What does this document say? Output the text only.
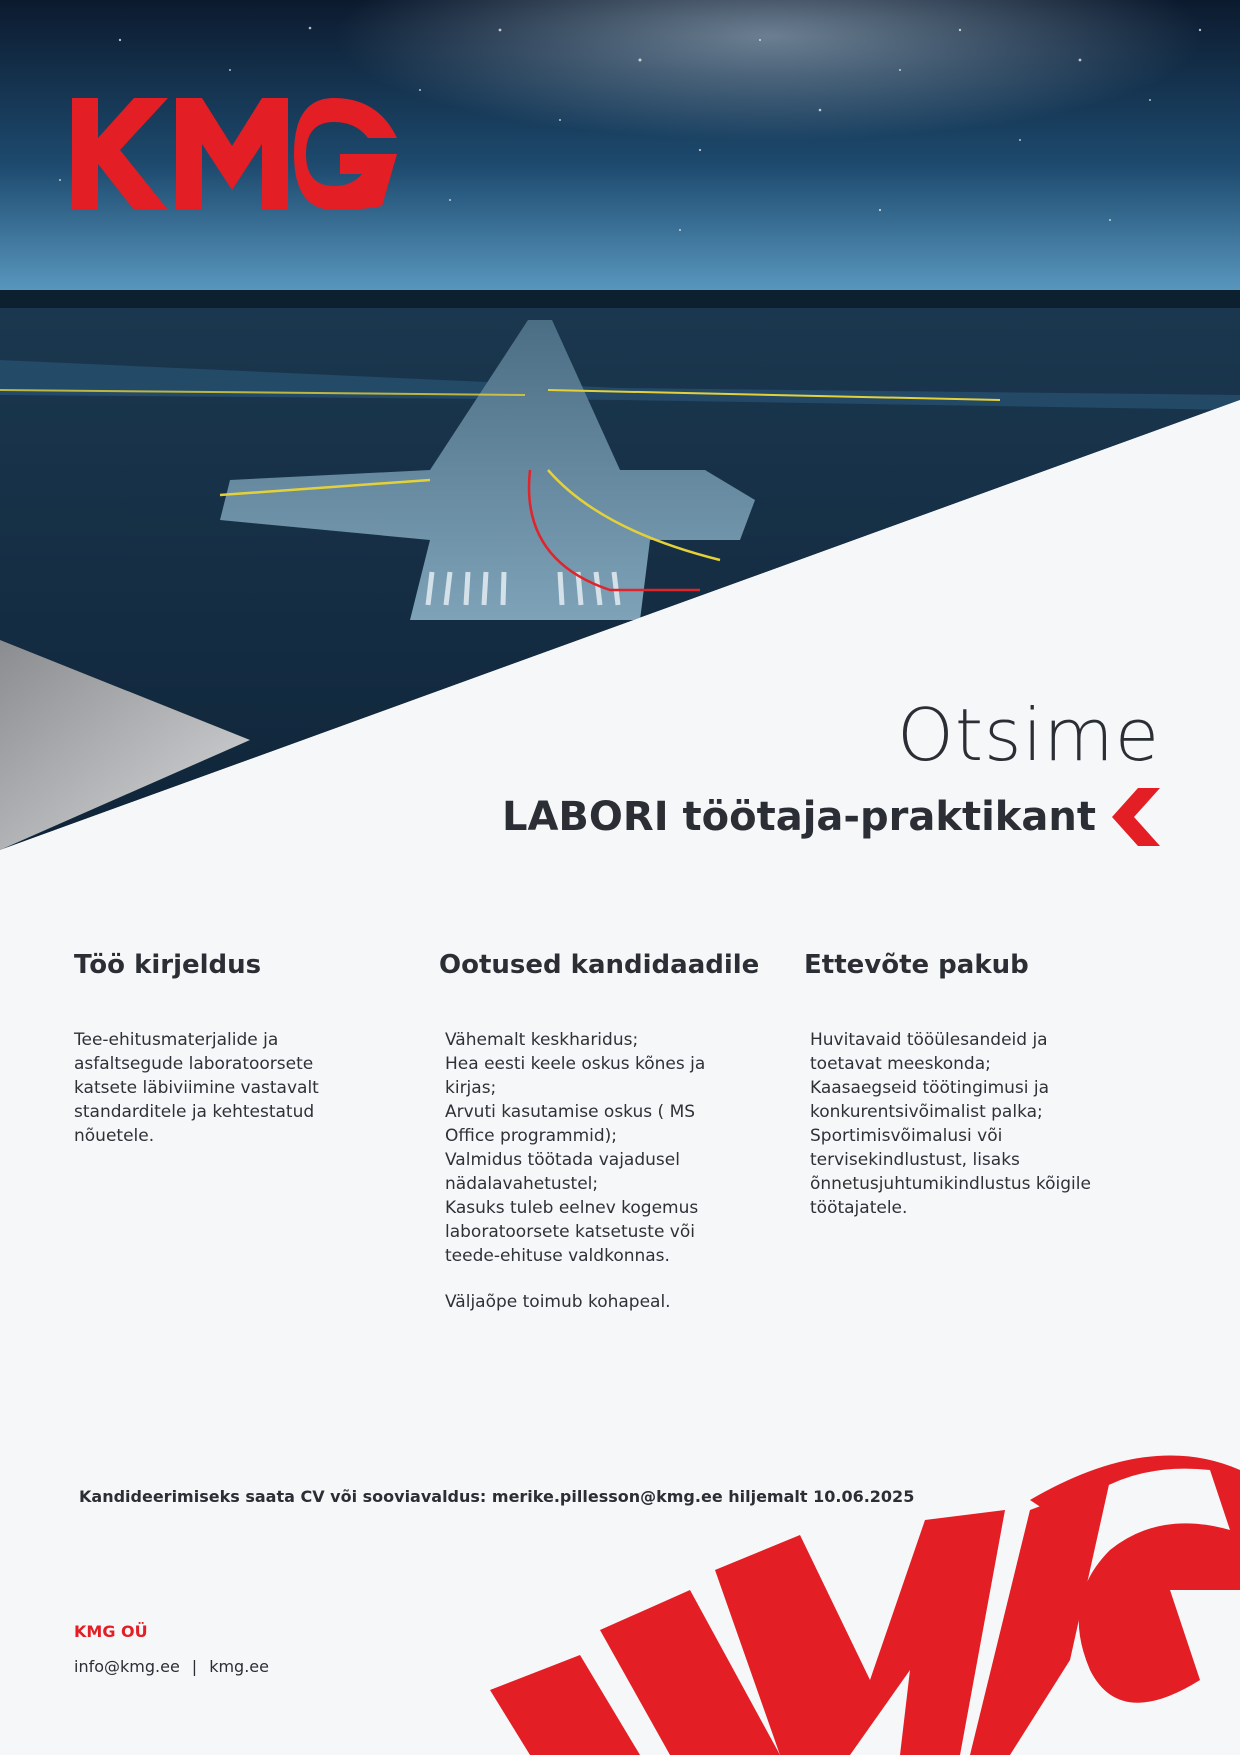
Otsime
LABORI töötaja-praktikant
Töö kirjeldus
Tee-ehitusmaterjalide ja
asfaltsegude laboratoorsete
katsete läbiviimine vastavalt
standarditele ja kehtestatud
nõuetele.
Ootused kandidaadile
Vähemalt keskharidus;
Hea eesti keele oskus kõnes ja
kirjas;
Arvuti kasutamise oskus ( MS
Office programmid);
Valmidus töötada vajadusel
nädalavahetustel;
Kasuks tuleb eelnev kogemus
laboratoorsete katsetuste või
teede-ehituse valdkonnas.
Väljaõpe toimub kohapeal.
Ettevõte pakub
Huvitavaid tööülesandeid ja
toetavat meeskonda;
Kaasaegseid töötingimusi ja
konkurentsivõimalist palka;
Sportimisvõimalusi või
tervisekindlustust, lisaks
õnnetusjuhtumikindlustus kõigile
töötajatele.
Kandideerimiseks saata CV või sooviavaldus: merike.pillesson@kmg.ee hiljemalt 10.06.2025
KMG OÜ
info@kmg.ee | kmg.ee
